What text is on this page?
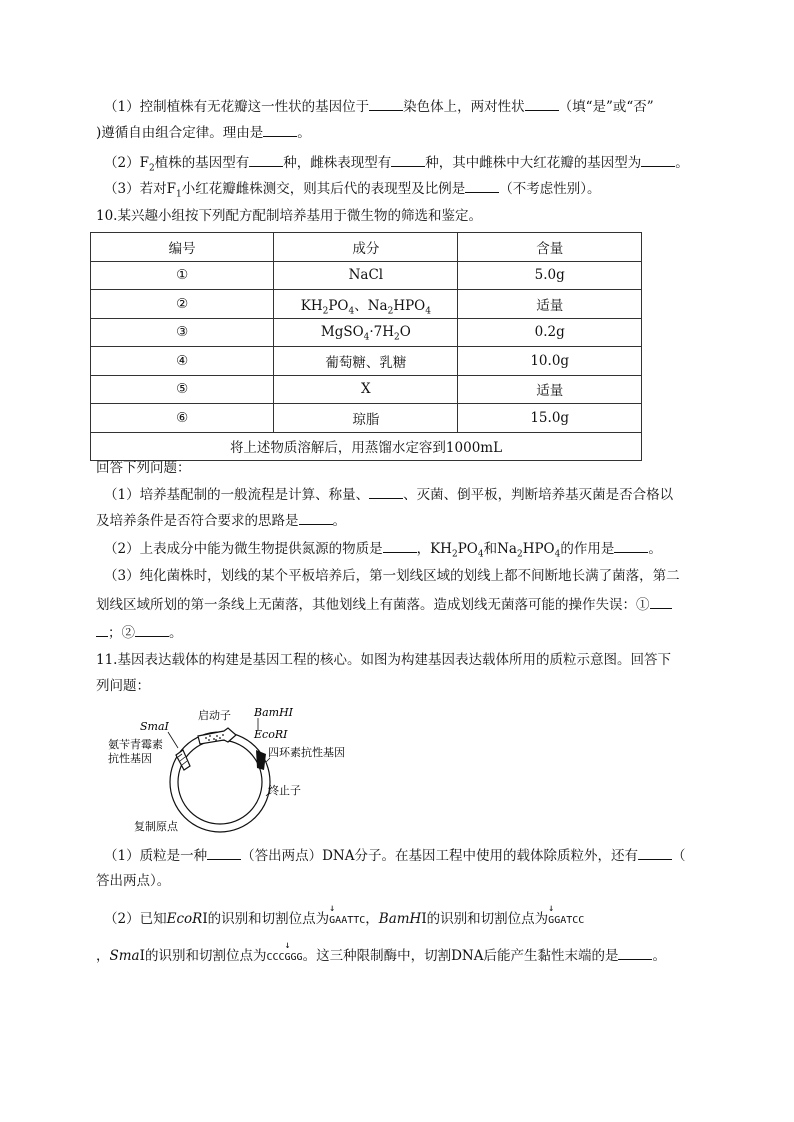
（1）控制植株有无花瓣这一性状的基因位于	染色体上，两对性状	（填“是”或“否”
)遵循自由组合定律。理由是	。
$(2)F_2$植株的基因型有	种，雌株表现型有	种，其中雌株中大红花瓣的基因型为	。
（3）若对$F_1$小红花瓣雌株测交，则其后代的表现型及比例是	（不考虑性别）。
10.某兴趣小组按下列配方配制培养基用于微生物的筛选和鉴定。
编号	成分	含量
①	NaCl	5.0g
②	$KH_2PO_4$、$Na_2HPO_4$	适量
③	$MgSO_4\cdot 7H_2O$	0.2g
④	葡萄糖、乳糖	10.0g
⑤	X	适量
⑥	琼脂	15.0g
将上述物质溶解后，用蒸馏水定容到1000mL		
回答下列问题：
（1）培养基配制的一般流程是计算、称量、	、灭菌、倒平板，判断培养基灭菌是否合格以
及培养条件是否符合要求的思路是	。
（2）上表成分中能为微生物提供氮源的物质是	，$KH_2PO_4$和$Na_2HPO_4$的作用是	。
（3）纯化菌株时，划线的某个平板培养后，第一划线区域的划线上都不间断地长满了菌落，第二
划线区域所划的第一条线上无菌落，其他划线上有菌落。造成划线无菌落可能的操作失误：①
；②	。
11.基因表达载体的构建是基因工程的核心。如图为构建基因表达载体所用的质粒示意图。回答下
列问题：
启动子 BamHⅠ
EcoRⅠ
SmaⅠ
四环素抗性基因
氨苄青霉素
抗性基因
终止子
复制原点
（1）质粒是一种	（答出两点）DNA分子。在基因工程中使用的载体除质粒外，还有	（
答出两点）。
（2）已知EcoRⅠ的识别和切割位点为
↓
GAATTC，BamHⅠ的识别和切割位点为
↓
GGATCC
，SmaⅠ的识别和切割位点为
↓
CCCGGG。这三种限制酶中，切割DNA后能产生黏性末端的是	。
